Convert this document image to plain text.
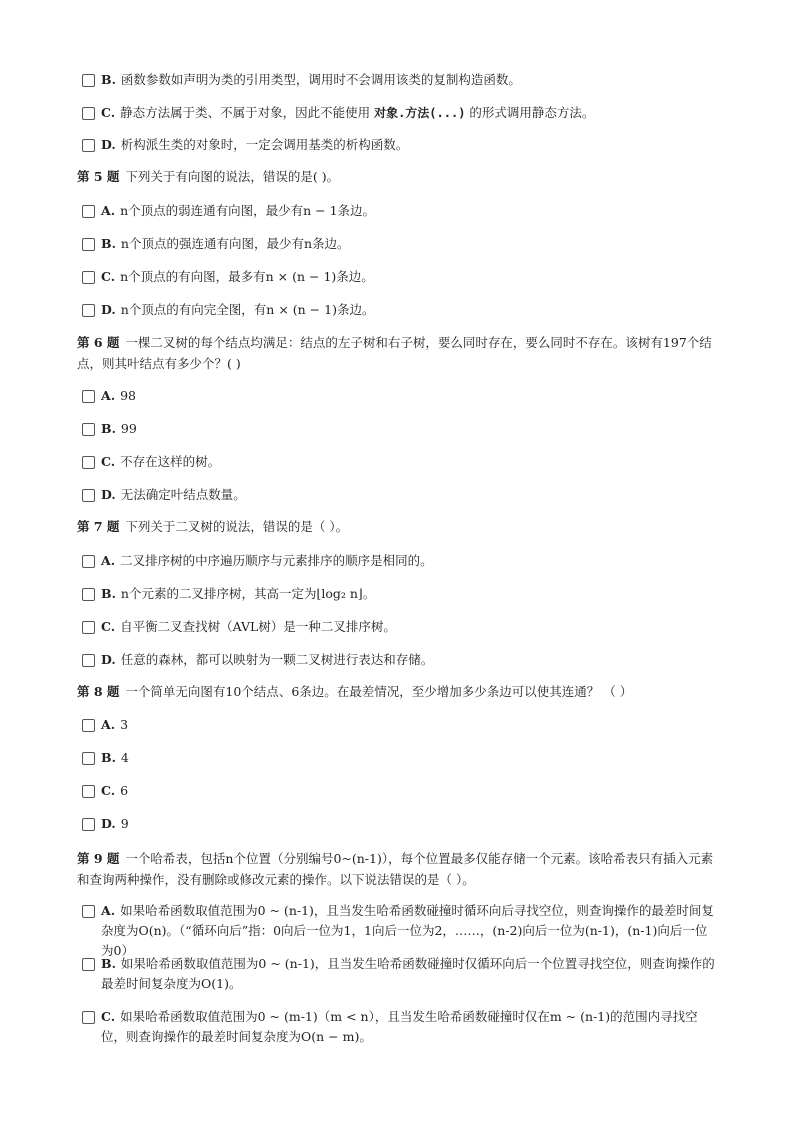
B. 函数参数如声明为类的引用类型，调用时不会调用该类的复制构造函数。
C. 静态方法属于类、不属于对象，因此不能使用 对象.方法(...) 的形式调用静态方法。
D. 析构派生类的对象时，一定会调用基类的析构函数。
第 5 题 下列关于有向图的说法，错误的是( )。
A. n个顶点的弱连通有向图，最少有n − 1条边。
B. n个顶点的强连通有向图，最少有n条边。
C. n个顶点的有向图，最多有n × (n − 1)条边。
D. n个顶点的有向完全图，有n × (n − 1)条边。
第 6 题 一棵二叉树的每个结点均满足：结点的左子树和右子树，要么同时存在，要么同时不存在。该树有197个结点，则其叶结点有多少个？( )
A. 98
B. 99
C. 不存在这样的树。
D. 无法确定叶结点数量。
第 7 题 下列关于二叉树的说法，错误的是（ ）。
A. 二叉排序树的中序遍历顺序与元素排序的顺序是相同的。
B. n个元素的二叉排序树，其高一定为⌊log₂ n⌋。
C. 自平衡二叉查找树（AVL树）是一种二叉排序树。
D. 任意的森林，都可以映射为一颗二叉树进行表达和存储。
第 8 题 一个简单无向图有10个结点、6条边。在最差情况，至少增加多少条边可以使其连通？ （ ）
A. 3
B. 4
C. 6
D. 9
第 9 题 一个哈希表，包括n个位置（分别编号0~(n-1)），每个位置最多仅能存储一个元素。该哈希表只有插入元素和查询两种操作，没有删除或修改元素的操作。以下说法错误的是（ ）。
A. 如果哈希函数取值范围为0 ~ (n-1)，且当发生哈希函数碰撞时循环向后寻找空位，则查询操作的最差时间复杂度为O(n)。（“循环向后”指：0向后一位为1，1向后一位为2，……，(n-2)向后一位为(n-1)，(n-1)向后一位为0）
B. 如果哈希函数取值范围为0 ~ (n-1)，且当发生哈希函数碰撞时仅循环向后一个位置寻找空位，则查询操作的最差时间复杂度为O(1)。
C. 如果哈希函数取值范围为0 ~ (m-1)（m < n），且当发生哈希函数碰撞时仅在m ~ (n-1)的范围内寻找空位，则查询操作的最差时间复杂度为O(n − m)。
